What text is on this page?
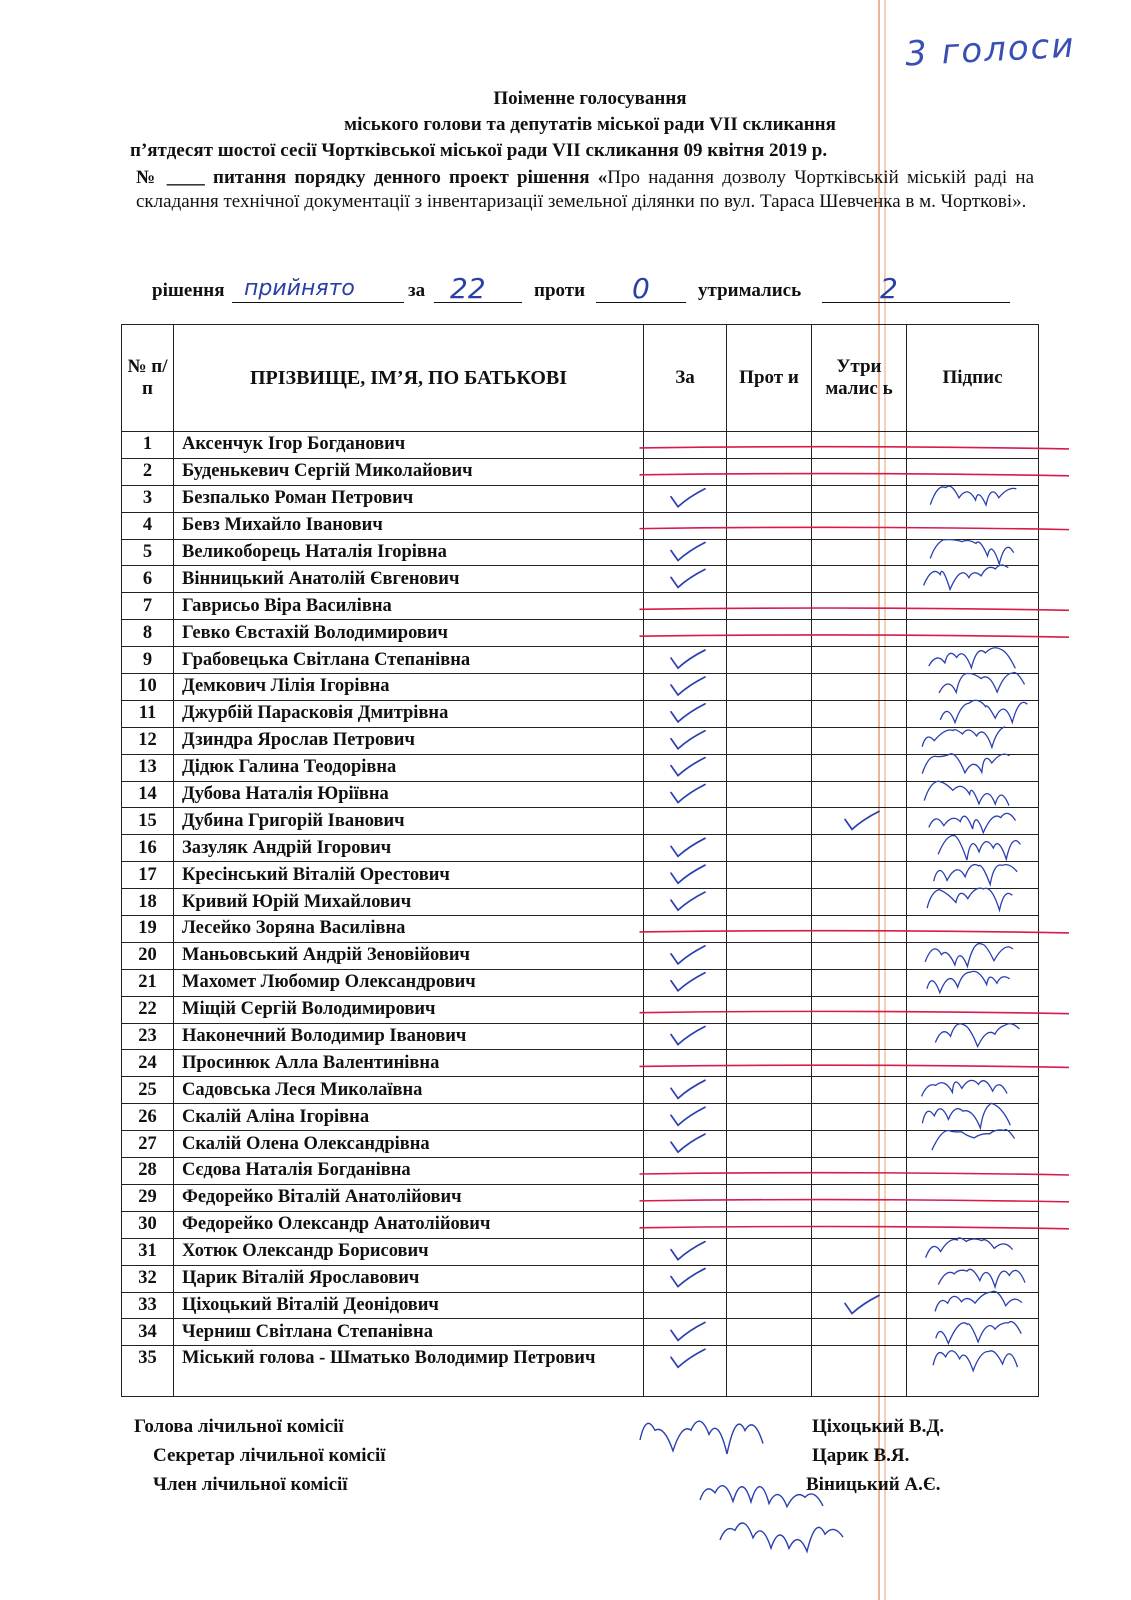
3 голоси
Поіменне голосування
міського голови та депутатів міської ради VII скликання
п’ятдесят шостої сесії Чортківської міської ради VII скликання 09 квітня 2019 р.
№ ____ питання порядку денного проект рішення «Про надання дозволу Чортківській міській раді на складання технічної документації з інвентаризації земельної ділянки по вул. Тараса Шевченка в м. Чорткові».
рішення прийнято	за 22	проти 0	утримались	2
№ п/п	ПРІЗВИЩЕ, ІМ’Я, ПО БАТЬКОВІ	За	Прот и	Утри малис ь	Підпис
1	Аксенчук Ігор Богданович				
2	Буденькевич Сергій Миколайович				
3	Безпалько Роман Петрович				
4	Бевз Михайло Іванович				
5	Великоборець Наталія Ігорівна				
6	Вінницький Анатолій Євгенович				
7	Гаврисьо Віра Василівна				
8	Гевко Євстахій Володимирович				
9	Грабовецька Світлана Степанівна				
10	Демкович Лілія Ігорівна				
11	Джурбій Парасковія Дмитрівна				
12	Дзиндра Ярослав Петрович				
13	Дідюк Галина Теодорівна				
14	Дубова Наталія Юріївна				
15	Дубина Григорій Іванович				
16	Зазуляк Андрій Ігорович				
17	Кресінський Віталій Орестович				
18	Кривий Юрій Михайлович				
19	Лесейко Зоряна Василівна				
20	Маньовський Андрій Зеновійович				
21	Махомет Любомир Олександрович				
22	Міщій Сергій Володимирович				
23	Наконечний Володимир Іванович				
24	Просинюк Алла Валентинівна				
25	Садовська Леся Миколаївна				
26	Скалій Аліна Ігорівна				
27	Скалій Олена Олександрівна				
28	Сєдова Наталія Богданівна				
29	Федорейко Віталій Анатолійович				
30	Федорейко Олександр Анатолійович				
31	Хотюк Олександр Борисович				
32	Царик Віталій Ярославович				
33	Ціхоцький Віталій Деонідович				
34	Черниш Світлана Степанівна				
35	Міський голова - Шматько Володимир Петрович				
Голова лічильної комісії	Ціхоцький В.Д.
Секретар лічильної комісії	Царик В.Я.
Член лічильної комісії	Віницький А.Є.
